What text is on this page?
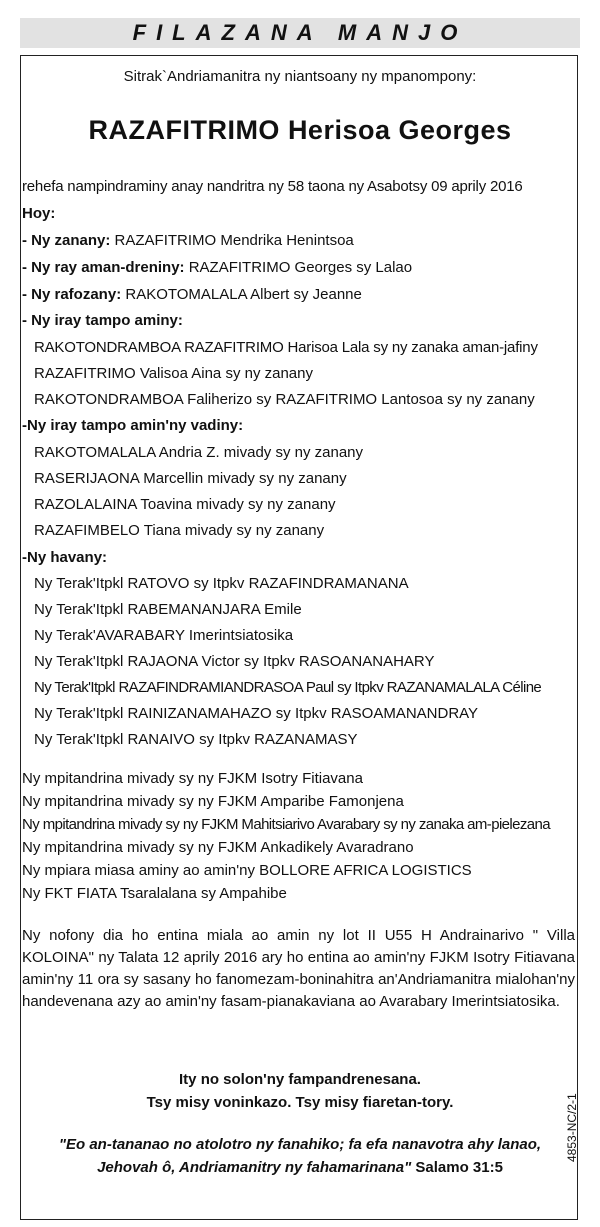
FILAZANA MANJO
Sitrak`Andriamanitra ny niantsoany ny mpanompony:
RAZAFITRIMO Herisoa Georges
rehefa nampindraminy anay nandritra ny 58 taona ny Asabotsy 09 aprily 2016
Hoy:
- Ny zanany: RAZAFITRIMO Mendrika Henintsoa
- Ny ray aman-dreniny: RAZAFITRIMO Georges sy Lalao
- Ny rafozany: RAKOTOMALALA Albert sy Jeanne
- Ny iray tampo aminy:
RAKOTONDRAMBOA RAZAFITRIMO Harisoa Lala sy ny zanaka aman-jafiny
RAZAFITRIMO Valisoa Aina sy ny zanany
RAKOTONDRAMBOA Faliherizo sy RAZAFITRIMO Lantosoa sy ny zanany
-Ny iray tampo amin'ny vadiny:
RAKOTOMALALA Andria Z. mivady sy ny zanany
RASERIJAONA Marcellin mivady sy ny zanany
RAZOLALAINA Toavina mivady sy ny zanany
RAZAFIMBELO Tiana mivady sy ny zanany
-Ny havany:
Ny Terak'Itpkl RATOVO sy Itpkv RAZAFINDRAMANANA
Ny Terak'Itpkl RABEMANANJARA Emile
Ny Terak'AVARABARY Imerintsiatosika
Ny Terak'Itpkl RAJAONA Victor sy Itpkv RASOANANAHARY
Ny Terak'Itpkl RAZAFINDRAMIANDRASOA Paul sy Itpkv RAZANAMALALA Céline
Ny Terak'Itpkl RAINIZANAMAHAZO sy Itpkv RASOAMANANDRAY
Ny Terak'Itpkl RANAIVO sy Itpkv RAZANAMASY
Ny mpitandrina mivady sy ny FJKM Isotry Fitiavana
Ny mpitandrina mivady sy ny FJKM Amparibe Famonjena
Ny mpitandrina mivady sy ny FJKM Mahitsiarivo Avarabary sy ny zanaka am-pielezana
Ny mpitandrina mivady sy ny FJKM Ankadikely Avaradrano
Ny mpiara miasa aminy ao amin'ny BOLLORE AFRICA LOGISTICS
Ny FKT FIATA Tsaralalana sy Ampahibe
Ny nofony dia ho entina miala ao amin ny lot II U55 H Andrainarivo " Villa KOLOINA" ny Talata 12 aprily 2016 ary ho entina ao amin'ny FJKM Isotry Fitiavana amin'ny 11 ora sy sasany ho fanomezam-boninahitra an'Andriamanitra mialohan'ny handevenana azy ao amin'ny fasam-pianakaviana ao Avarabary Imerintsiatosika.
Ity no solon'ny fampandrenesana.
Tsy misy voninkazo. Tsy misy fiaretan-tory.
"Eo an-tananao no atolotro ny fanahiko; fa efa nanavotra ahy lanao,
Jehovah ô, Andriamanitry ny fahamarinana" Salamo 31:5
4853-NC/2-1
